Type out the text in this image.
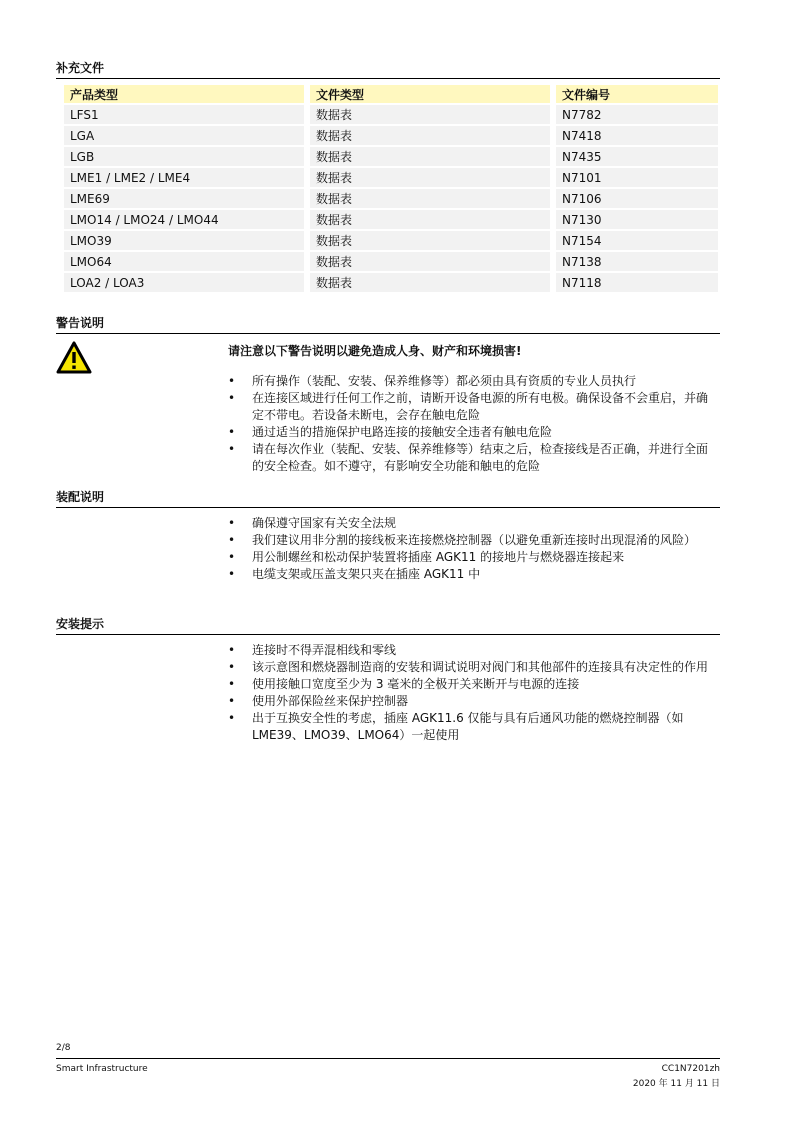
补充文件
产品类型		文件类型		文件编号
LFS1		数据表		N7782
LGA		数据表		N7418
LGB		数据表		N7435
LME1 / LME2 / LME4		数据表		N7101
LME69		数据表		N7106
LMO14 / LMO24 / LMO44		数据表		N7130
LMO39		数据表		N7154
LMO64		数据表		N7138
LOA2 / LOA3		数据表		N7118
警告说明
请注意以下警告说明以避免造成人身、财产和环境损害!
• 所有操作（装配、安装、保养维修等）都必须由具有资质的专业人员执行
• 在连接区域进行任何工作之前，请断开设备电源的所有电极。确保设备不会重启，并确定不带电。若设备未断电，会存在触电危险
• 通过适当的措施保护电路连接的接触安全违者有触电危险
• 请在每次作业（装配、安装、保养维修等）结束之后，检查接线是否正确，并进行全面的安全检查。如不遵守，有影响安全功能和触电的危险
装配说明
• 确保遵守国家有关安全法规
• 我们建议用非分割的接线板来连接燃烧控制器（以避免重新连接时出现混淆的风险）
• 用公制螺丝和松动保护装置将插座 AGK11 的接地片与燃烧器连接起来
• 电缆支架或压盖支架只夹在插座 AGK11 中
安装提示
• 连接时不得弄混相线和零线
• 该示意图和燃烧器制造商的安装和调试说明对阀门和其他部件的连接具有决定性的作用
• 使用接触口宽度至少为 3 毫米的全极开关来断开与电源的连接
• 使用外部保险丝来保护控制器
• 出于互换安全性的考虑，插座 AGK11.6 仅能与具有后通风功能的燃烧控制器（如 LME39、LMO39、LMO64）一起使用
2/8
Smart Infrastructure	CC1N7201zh
2020 年 11 月 11 日
